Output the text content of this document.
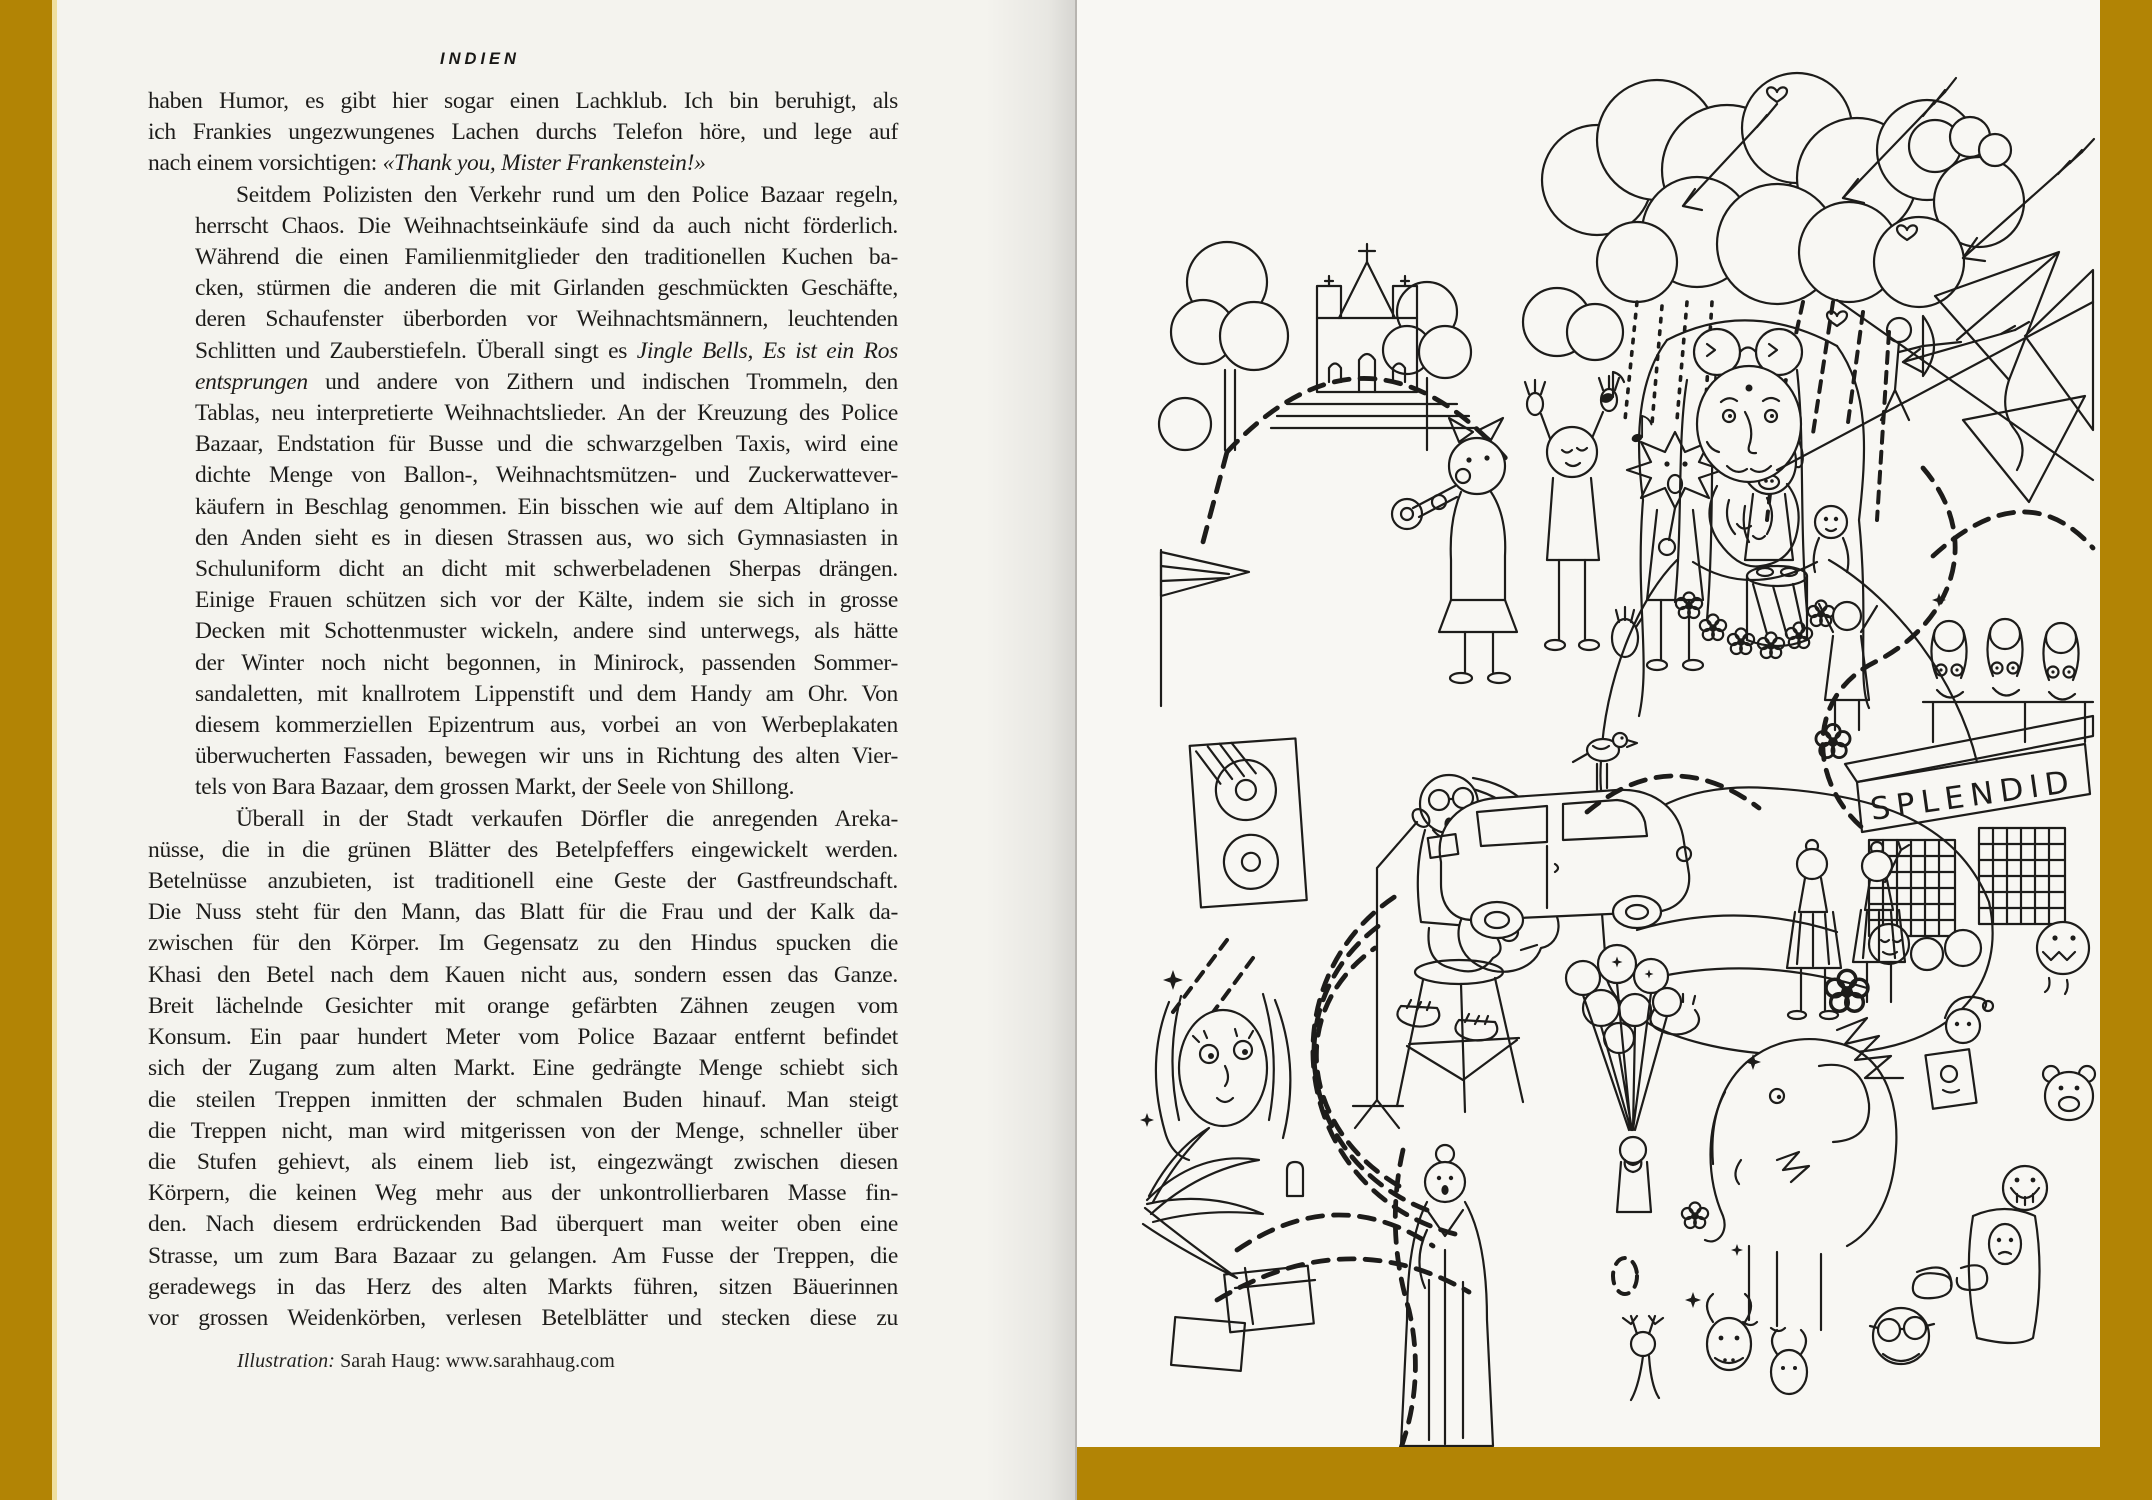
INDIEN
haben Humor, es gibt hier sogar einen Lachklub. Ich bin beruhigt, als
ich Frankies ungezwungenes Lachen durchs Telefon höre, und lege auf
nach einem vorsichtigen: «Thank you, Mister Frankenstein!»
Seitdem Polizisten den Verkehr rund um den Police Bazaar regeln,
herrscht Chaos. Die Weihnachtseinkäufe sind da auch nicht förderlich.
Während die einen Familienmitglieder den traditionellen Kuchen ba-
cken, stürmen die anderen die mit Girlanden geschmückten Geschäfte,
deren Schaufenster überborden vor Weihnachtsmännern, leuchtenden
Schlitten und Zauberstiefeln. Überall singt es Jingle Bells, Es ist ein Ros
entsprungen und andere von Zithern und indischen Trommeln, den
Tablas, neu interpretierte Weihnachtslieder. An der Kreuzung des Police
Bazaar, Endstation für Busse und die schwarzgelben Taxis, wird eine
dichte Menge von Ballon-, Weihnachtsmützen- und Zuckerwattever-
käufern in Beschlag genommen. Ein bisschen wie auf dem Altiplano in
den Anden sieht es in diesen Strassen aus, wo sich Gymnasiasten in
Schuluniform dicht an dicht mit schwerbeladenen Sherpas drängen.
Einige Frauen schützen sich vor der Kälte, indem sie sich in grosse
Decken mit Schottenmuster wickeln, andere sind unterwegs, als hätte
der Winter noch nicht begonnen, in Minirock, passenden Sommer-
sandaletten, mit knallrotem Lippenstift und dem Handy am Ohr. Von
diesem kommerziellen Epizentrum aus, vorbei an von Werbeplakaten
überwucherten Fassaden, bewegen wir uns in Richtung des alten Vier-
tels von Bara Bazaar, dem grossen Markt, der Seele von Shillong.
Überall in der Stadt verkaufen Dörfler die anregenden Areka-
nüsse, die in die grünen Blätter des Betelpfeffers eingewickelt werden.
Betelnüsse anzubieten, ist traditionell eine Geste der Gastfreundschaft.
Die Nuss steht für den Mann, das Blatt für die Frau und der Kalk da-
zwischen für den Körper. Im Gegensatz zu den Hindus spucken die
Khasi den Betel nach dem Kauen nicht aus, sondern essen das Ganze.
Breit lächelnde Gesichter mit orange gefärbten Zähnen zeugen vom
Konsum. Ein paar hundert Meter vom Police Bazaar entfernt befindet
sich der Zugang zum alten Markt. Eine gedrängte Menge schiebt sich
die steilen Treppen inmitten der schmalen Buden hinauf. Man steigt
die Treppen nicht, man wird mitgerissen von der Menge, schneller über
die Stufen gehievt, als einem lieb ist, eingezwängt zwischen diesen
Körpern, die keinen Weg mehr aus der unkontrollierbaren Masse fin-
den. Nach diesem erdrückenden Bad überquert man weiter oben eine
Strasse, um zum Bara Bazaar zu gelangen. Am Fusse der Treppen, die
geradewegs in das Herz des alten Markts führen, sitzen Bäuerinnen
vor grossen Weidenkörben, verlesen Betelblätter und stecken diese zu
Illustration: Sarah Haug: www.sarahhaug.com
SPLENDID
